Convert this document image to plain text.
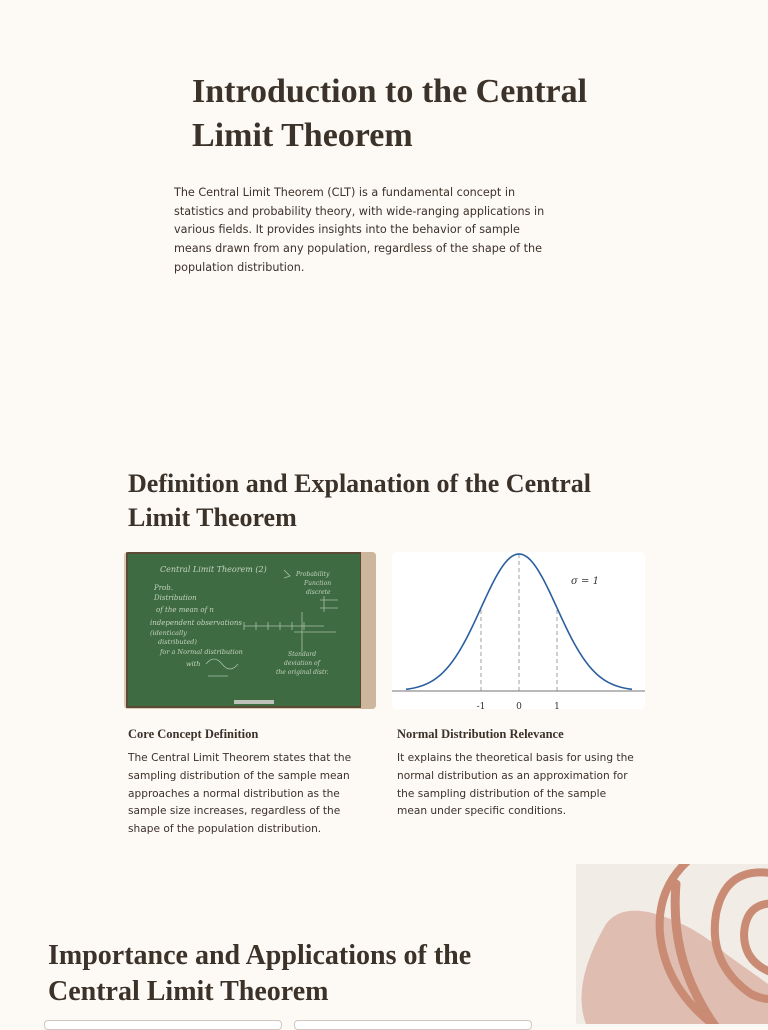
Introduction to the Central Limit Theorem

The Central Limit Theorem (CLT) is a fundamental concept in statistics and probability theory, with wide-ranging applications in various fields. It provides insights into the behavior of sample means drawn from any population, regardless of the shape of the population distribution.

Definition and Explanation of the Central Limit Theorem
Central Limit Theorem (2)
Prob.
Distribution
of the mean of n
independent observations
(identically
distributed)
for a Normal distribution
with
Probability
Function
discrete
Standard
deviation of
the original distr.
σ = 1
-1	0	1
Core Concept Definition

The Central Limit Theorem states that the sampling distribution of the sample mean approaches a normal distribution as the sample size increases, regardless of the shape of the population distribution.

Normal Distribution Relevance

It explains the theoretical basis for using the normal distribution as an approximation for the sampling distribution of the sample mean under specific conditions.

Importance and Applications of the Central Limit Theorem
